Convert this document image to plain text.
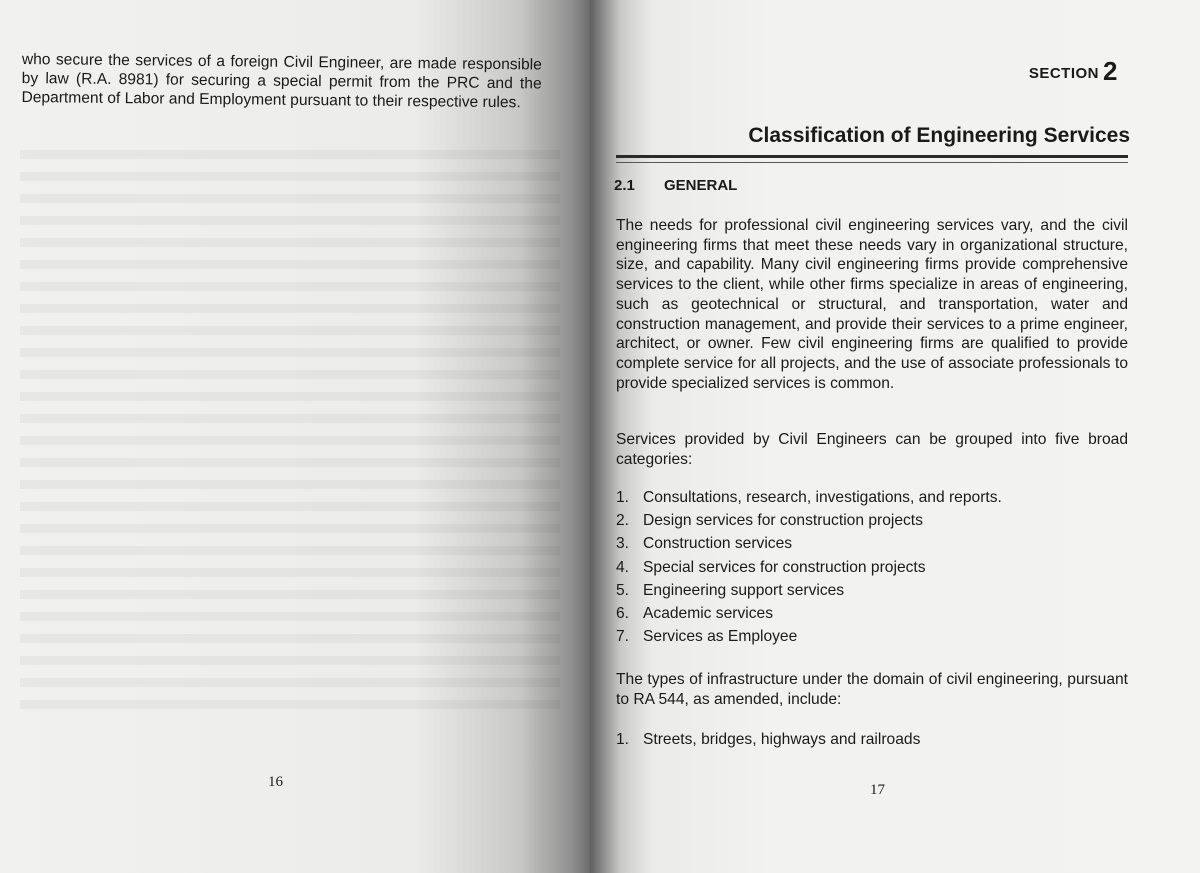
who secure the services of a foreign Civil Engineer, are made responsible by law (R.A. 8981) for securing a special permit from the PRC and the Department of Labor and Employment pursuant to their respective rules.

16
SECTION 2
Classification of Engineering Services
2.1 GENERAL

The needs for professional civil engineering services vary, and the civil engineering firms that meet these needs vary in organizational structure, size, and capability. Many civil engineering firms provide comprehensive services to the client, while other firms specialize in areas of engineering, such as geotechnical or structural, and transportation, water and construction management, and provide their services to a prime engineer, architect, or owner. Few civil engineering firms are qualified to provide complete service for all projects, and the use of associate professionals to provide specialized services is common.

Services provided by Civil Engineers can be grouped into five broad categories:

1. Consultations, research, investigations, and reports.
2. Design services for construction projects
3. Construction services
4. Special services for construction projects
5. Engineering support services
6. Academic services
7. Services as Employee

The types of infrastructure under the domain of civil engineering, pursuant to RA 544, as amended, include:

1. Streets, bridges, highways and railroads
17
